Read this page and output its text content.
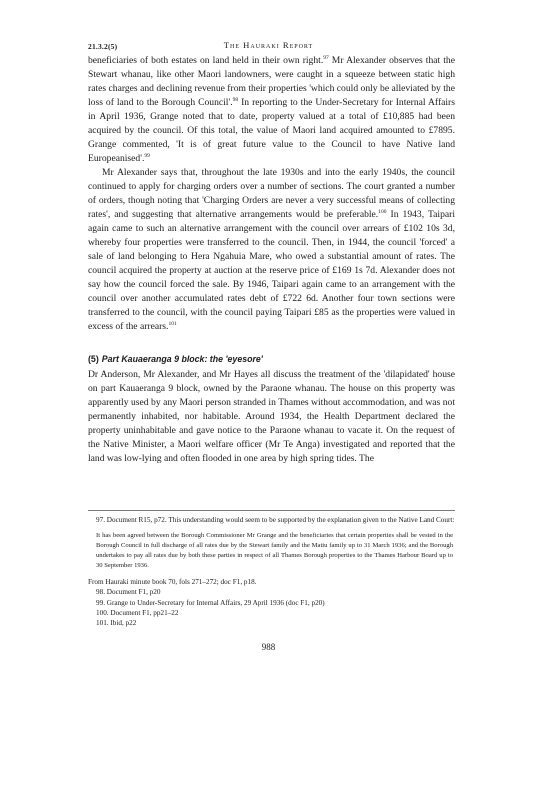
21.3.2(5)	The Hauraki Report

beneficiaries of both estates on land held in their own right.$^{97}$ Mr Alexander observes that the Stewart whanau, like other Maori landowners, were caught in a squeeze between static high rates charges and declining revenue from their properties 'which could only be alleviated by the loss of land to the Borough Council'.$^{98}$ In reporting to the Under-Secretary for Internal Affairs in April 1936, Grange noted that to date, property valued at a total of £10,885 had been acquired by the council. Of this total, the value of Maori land acquired amounted to £7895. Grange commented, 'It is of great future value to the Council to have Native land Europeanised'.$^{99}$

Mr Alexander says that, throughout the late 1930s and into the early 1940s, the council continued to apply for charging orders over a number of sections. The court granted a number of orders, though noting that 'Charging Orders are never a very successful means of collecting rates', and suggesting that alternative arrangements would be preferable.$^{100}$ In 1943, Taipari again came to such an alternative arrangement with the council over arrears of £102 10s 3d, whereby four properties were transferred to the council. Then, in 1944, the council 'forced' a sale of land belonging to Hera Ngahuia Mare, who owed a substantial amount of rates. The council acquired the property at auction at the reserve price of £169 1s 7d. Alexander does not say how the council forced the sale. By 1946, Taipari again came to an arrangement with the council over another accumulated rates debt of £722 6d. Another four town sections were transferred to the council, with the council paying Taipari £85 as the properties were valued in excess of the arrears.$^{101}$

(5) Part Kauaeranga 9 block: the 'eyesore'

Dr Anderson, Mr Alexander, and Mr Hayes all discuss the treatment of the 'dilapidated' house on part Kauaeranga 9 block, owned by the Paraone whanau. The house on this property was apparently used by any Maori person stranded in Thames without accommodation, and was not permanently inhabited, nor habitable. Around 1934, the Health Department declared the property uninhabitable and gave notice to the Paraone whanau to vacate it. On the request of the Native Minister, a Maori welfare officer (Mr Te Anga) investigated and reported that the land was low-lying and often flooded in one area by high spring tides. The

97. Document R15, p72. This understanding would seem to be supported by the explanation given to the Native Land Court:

It has been agreed between the Borough Commissioner Mr Grange and the beneficiaries that certain properties shall be vested in the Borough Council in full discharge of all rates due by the Stewart family and the Matiu family up to 31 March 1936; and the Borough undertakes to pay all rates due by both these parties in respect of all Thames Borough properties to the Thames Harbour Board up to 30 September 1936.

From Hauraki minute book 70, fols 271–272; doc F1, p18.

98. Document F1, p20

99. Grange to Under-Secretary for Internal Affairs, 29 April 1936 (doc F1, p20)

100. Document F1, pp21–22

101. Ibid, p22

988
